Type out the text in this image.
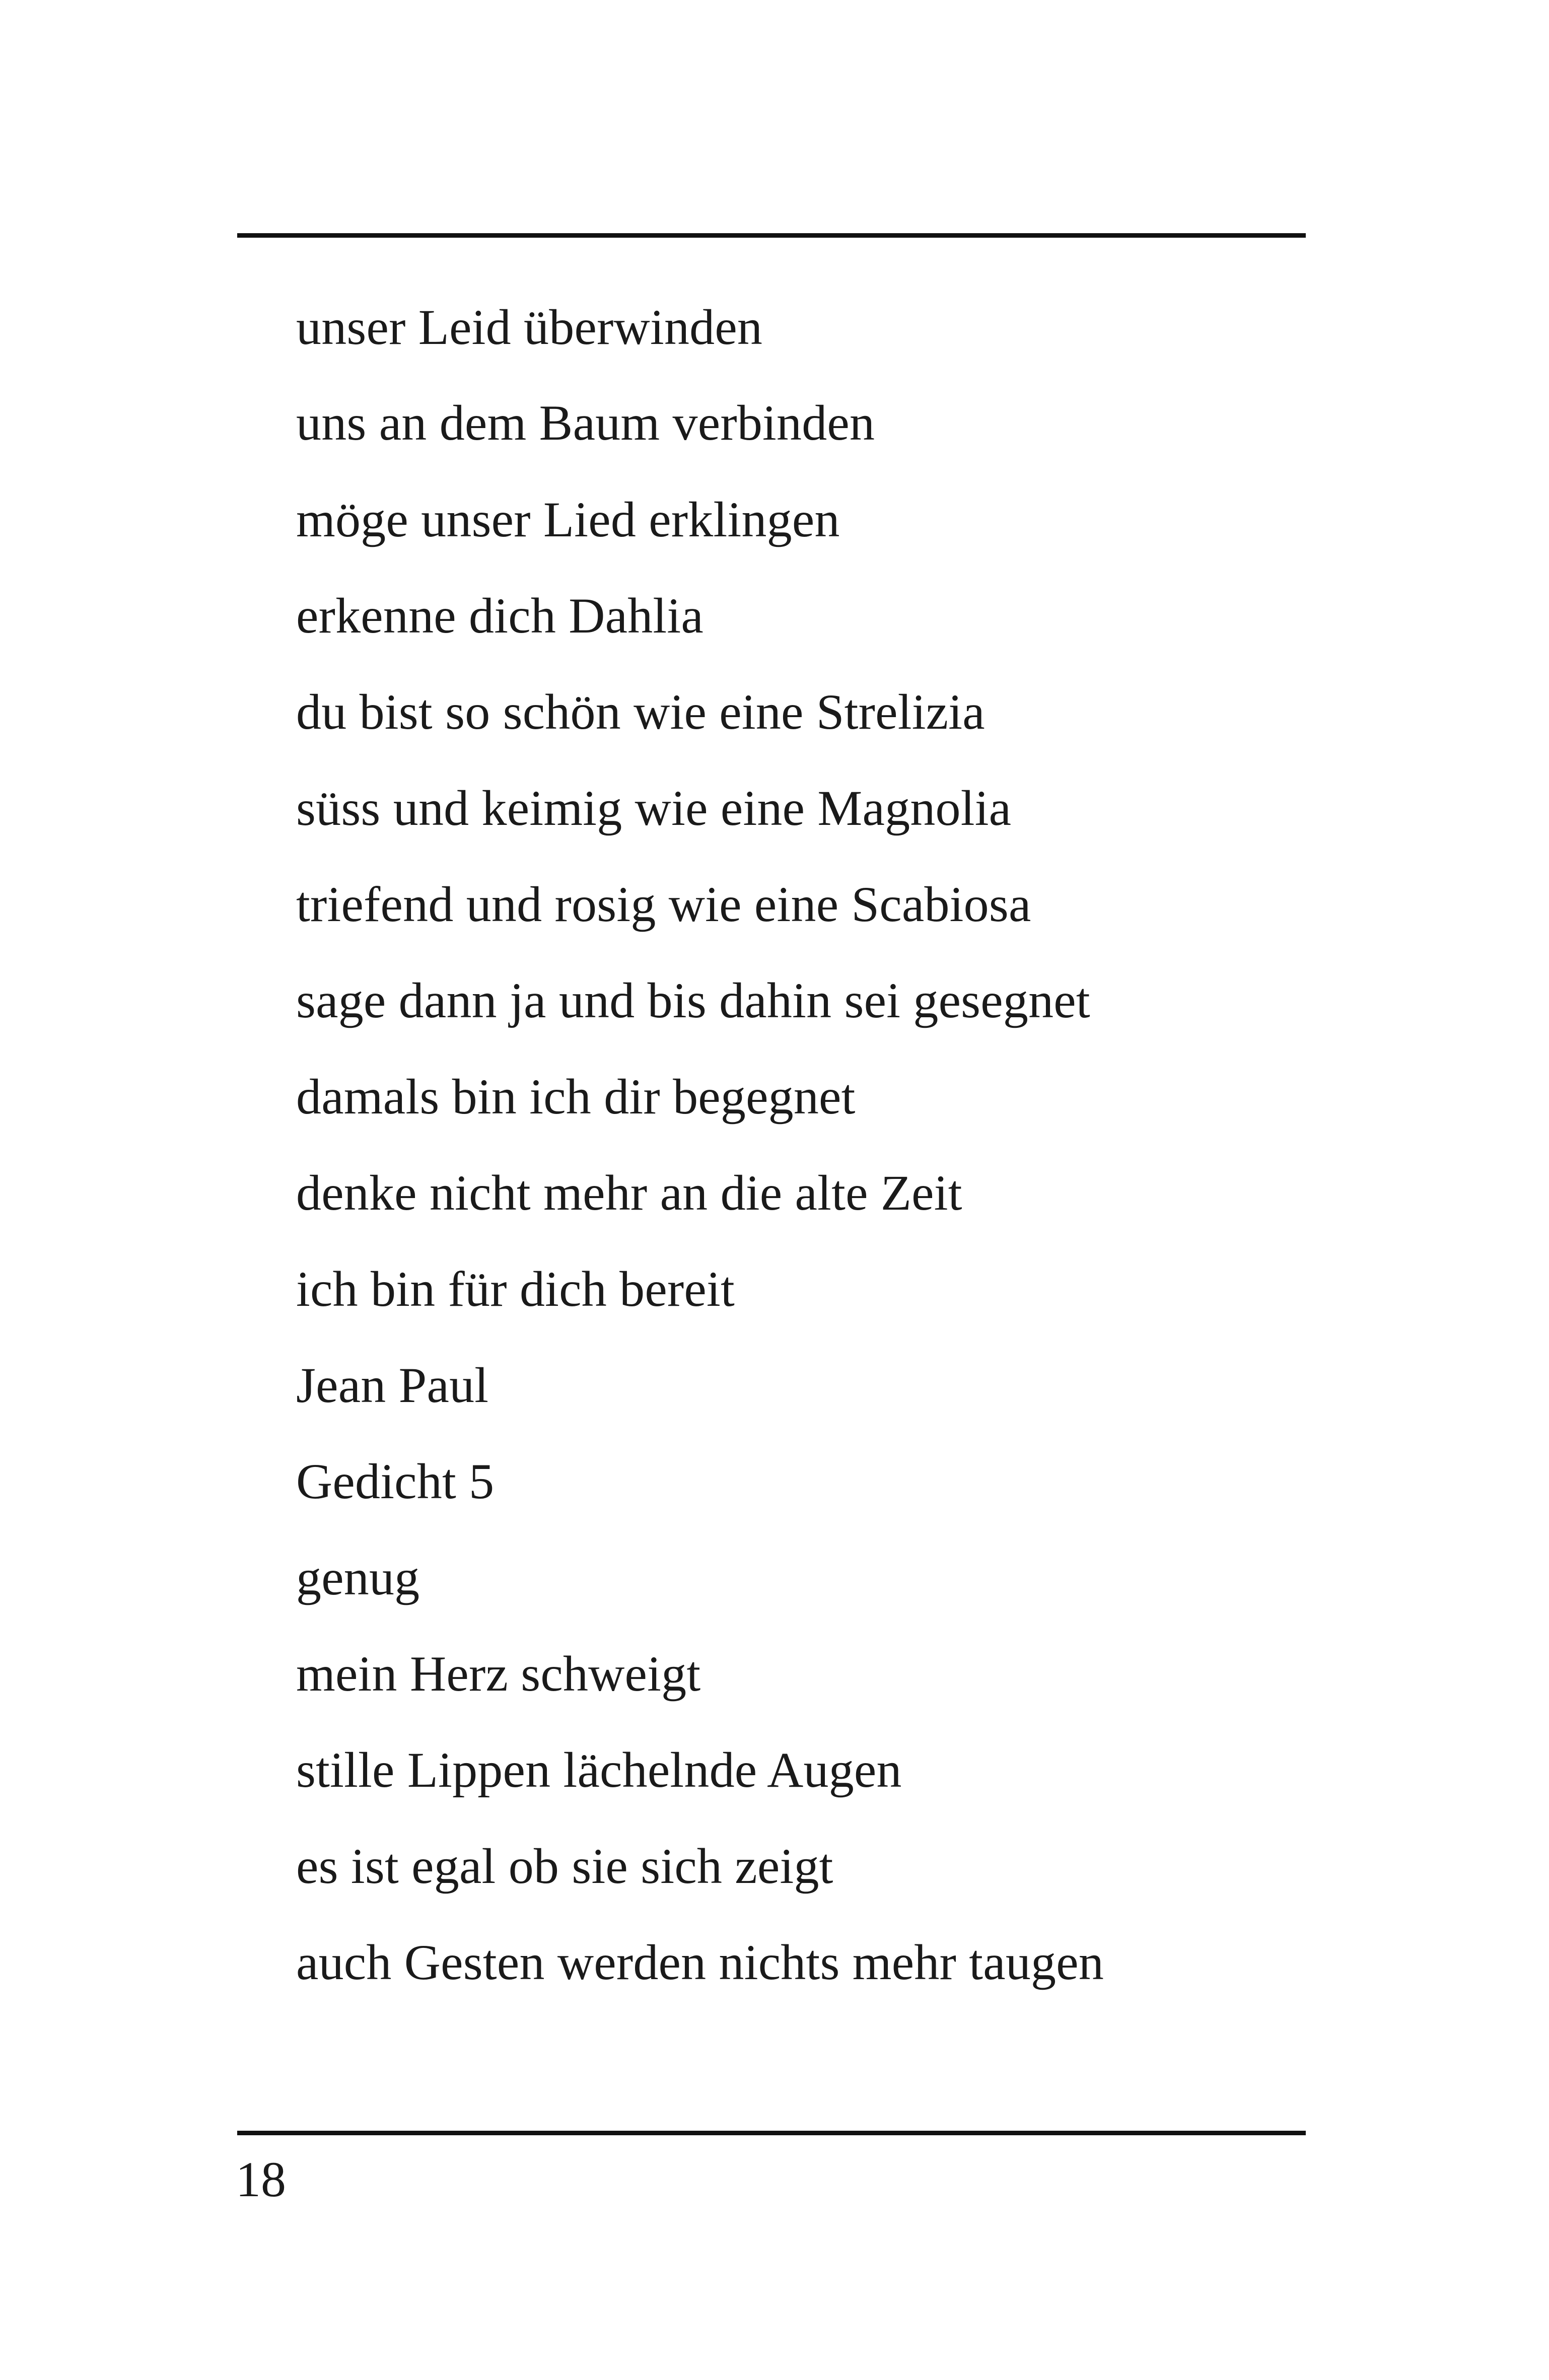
unser Leid überwinden
uns an dem Baum verbinden
möge unser Lied erklingen
erkenne dich Dahlia
du bist so schön wie eine Strelizia
süss und keimig wie eine Magnolia
triefend und rosig wie eine Scabiosa
sage dann ja und bis dahin sei gesegnet
damals bin ich dir begegnet
denke nicht mehr an die alte Zeit
ich bin für dich bereit
Jean Paul
Gedicht 5
genug
mein Herz schweigt
stille Lippen lächelnde Augen
es ist egal ob sie sich zeigt
auch Gesten werden nichts mehr taugen
18
